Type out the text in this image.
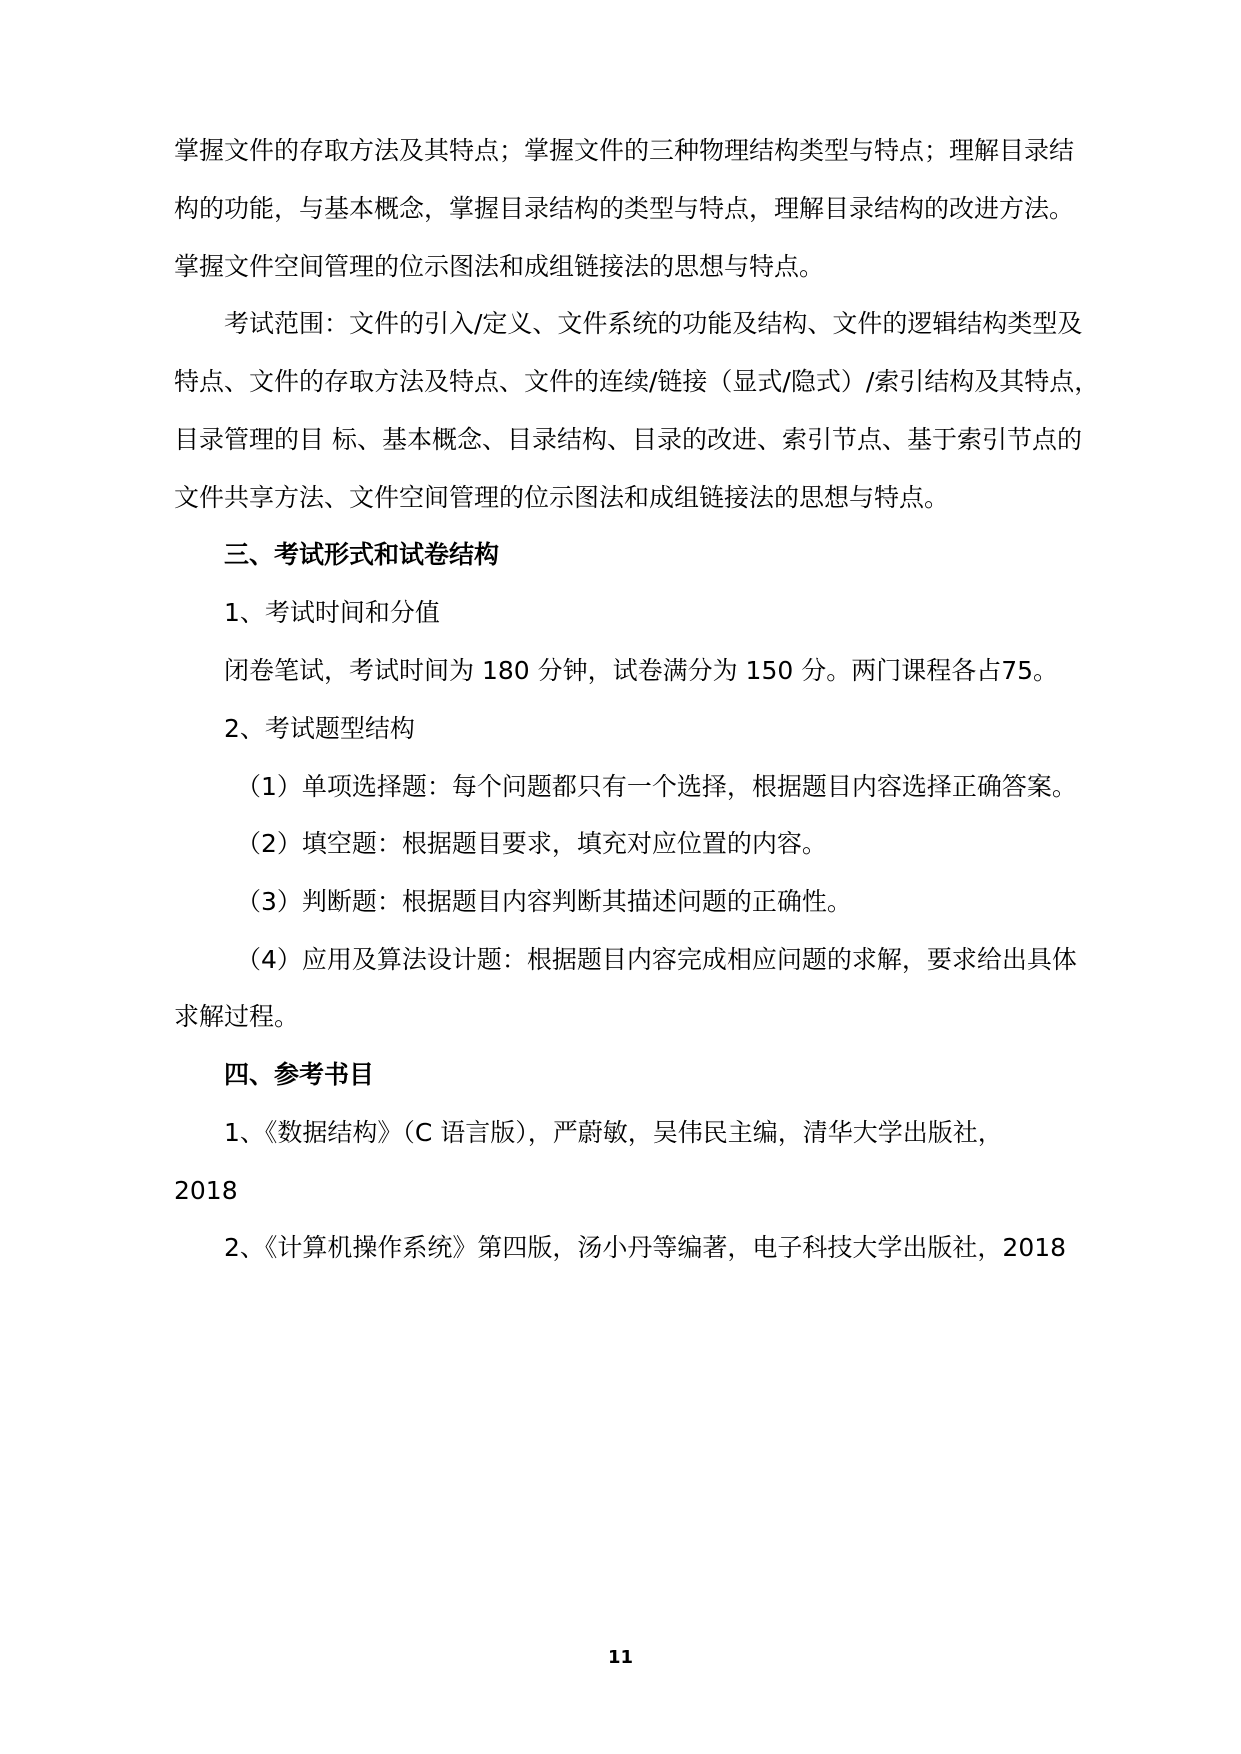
掌握文件的存取方法及其特点；掌握文件的三种物理结构类型与特点；理解目录结
构的功能，与基本概念，掌握目录结构的类型与特点，理解目录结构的改进方法。
掌握文件空间管理的位示图法和成组链接法的思想与特点。
考试范围：文件的引入/定义、文件系统的功能及结构、文件的逻辑结构类型及
特点、文件的存取方法及特点、文件的连续/链接（显式/隐式）/索引结构及其特点，
目录管理的目 标、基本概念、目录结构、目录的改进、索引节点、基于索引节点的
文件共享方法、文件空间管理的位示图法和成组链接法的思想与特点。
三、考试形式和试卷结构
1、考试时间和分值
闭卷笔试，考试时间为 180 分钟，试卷满分为 150 分。两门课程各占75。
2、考试题型结构
（1）单项选择题：每个问题都只有一个选择，根据题目内容选择正确答案。
（2）填空题：根据题目要求，填充对应位置的内容。
（3）判断题：根据题目内容判断其描述问题的正确性。
（4）应用及算法设计题：根据题目内容完成相应问题的求解，要求给出具体
求解过程。
四、参考书目
1、《数据结构》（C 语言版），严蔚敏，吴伟民主编，清华大学出版社，
2018
2、《计算机操作系统》第四版，汤小丹等编著，电子科技大学出版社，2018
11
